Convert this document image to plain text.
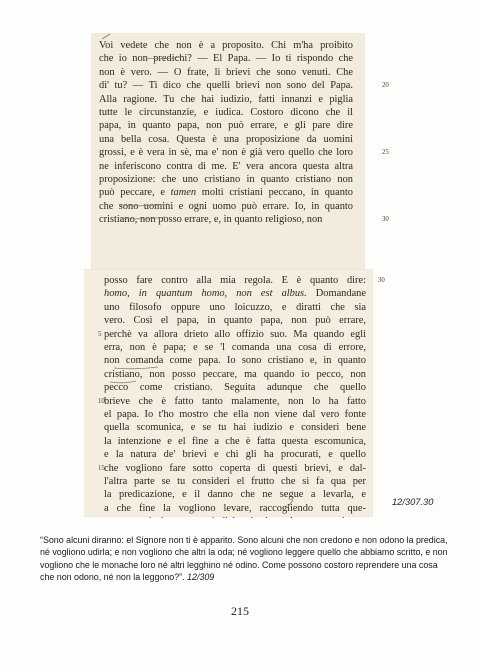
Voi vedete che non è a proposito. Chi m'ha proibito
che io non predichi? — El Papa. — Io ti rispondo che
non è vero. — O frate, li brievi che sono venuti. Che
di' tu? — Ti dico che quelli brievi non sono del Papa.
Alla ragione. Tu che hai iudizio, fatti innanzi e piglia
tutte le circunstanzie, e iudica. Costoro dicono che il
papa, in quanto papa, non può errare, e gli pare dire
una bella cosa. Questa è una proposizione da uomini
grossi, e è vera in sè, ma e' non è già vero quello che loro
ne inferiscono contra di me. E' vera ancora questa altra
proposizione: che uno cristiano in quanto cristiano non
può peccare, e tamen molti cristiani peccano, in quanto
che sono uomini e ogni uomo può errare. Io, in quanto
cristiano, non posso errare, e, in quanto religioso, non
20
25
30
posso fare contro alla mia regola. E è quanto dire:
homo, in quantum homo, non est albus. Domandane
uno filosofo oppure uno loicuzzo, e diratti che sia
vero. Così el papa, in quanto papa, non può errare,
perchè va allora drieto allo offizio suo. Ma quando egli
erra, non è papa; e se 'l comanda una cosa di errore,
non comanda come papa. Io sono cristiano e, in quanto
cristiano, non posso peccare, ma quando io pecco, non
pecco come cristiano. Seguita adunque che quello
brieve che è fatto tanto malamente, non lo ha fatto
el papa. Io t'ho mostro che ella non viene dal vero fonte
quella scomunica, e se tu hai iudizio e consideri bene
la intenzione e el fine a che è fatta questa escomunica,
e la natura de' brievi e chi gli ha procurati, e quello
che vogliono fare sotto coperta di questi brievi, e dal-
l'altra parte se tu consideri el frutto che si fa qua per
la predicazione, e il danno che ne segue a levarla, e
a che fine la vogliono levare, raccogliendo tutta que-
30
5
10
15
12/307.30

“Sono alcuni diranno: el Signore non ti è apparito. Sono alcuni che non credono e non odono la predica, né vogliono udirla; e non vogliono che altri la oda; né vogliono leggere quello che abbiamo scritto, e non vogliono che le monache loro né altri legghino né odino. Come possono costoro reprendere una cosa che non odono, né non la leggono?”. 12/309

215
